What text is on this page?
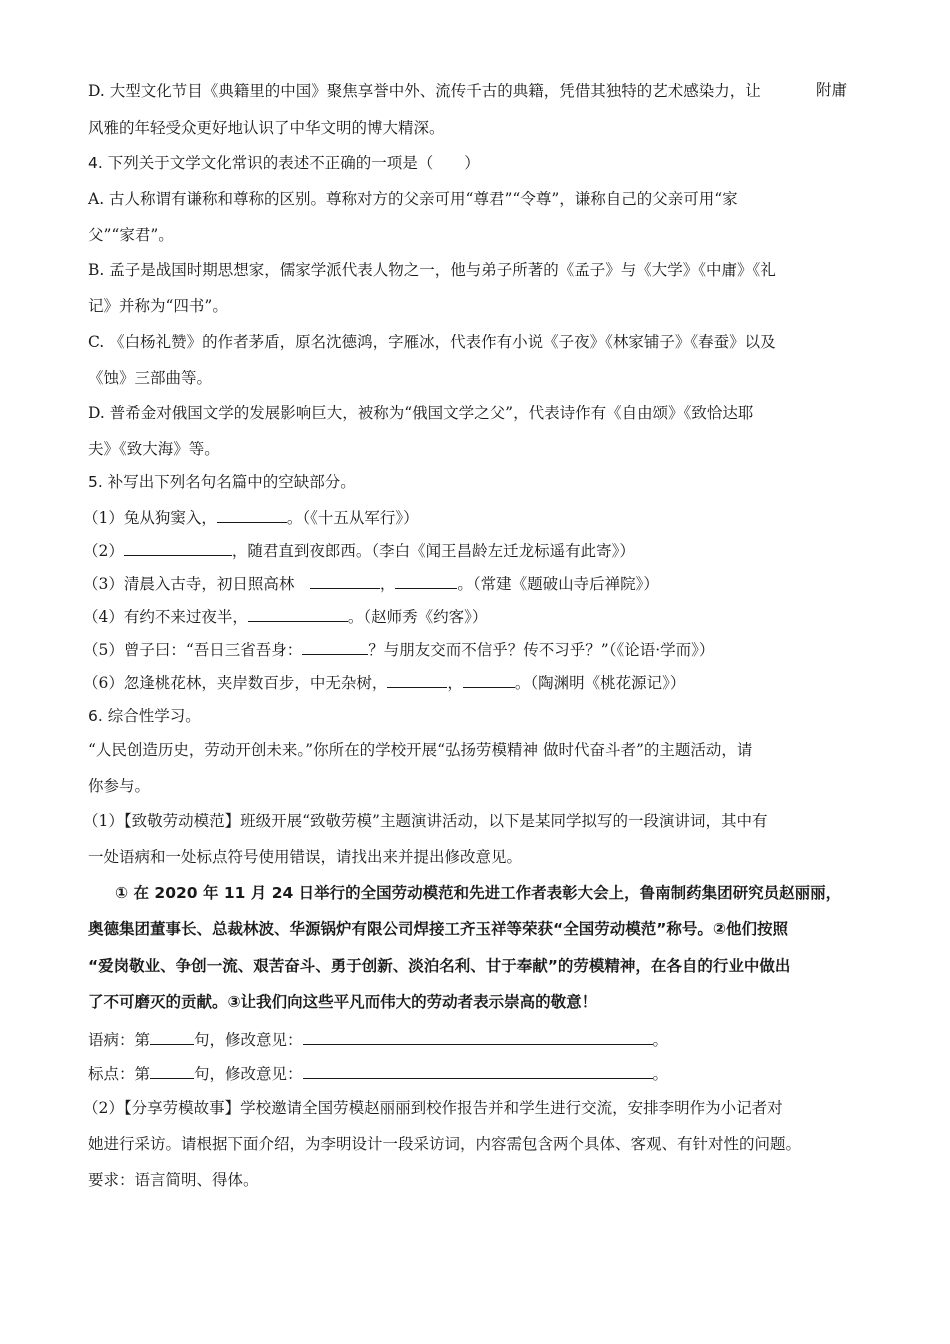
D. 大型文化节目《典籍里的中国》聚焦享誉中外、流传千古的典籍，凭借其独特的艺术感染力，让	附庸
风雅的年轻受众更好地认识了中华文明的博大精深。
4. 下列关于文学文化常识的表述不正确的一项是（　　）
A. 古人称谓有谦称和尊称的区别。尊称对方的父亲可用“尊君”“令尊”，谦称自己的父亲可用“家
父”“家君”。
B. 孟子是战国时期思想家，儒家学派代表人物之一，他与弟子所著的《孟子》与《大学》《中庸》《礼
记》并称为“四书”。
C. 《白杨礼赞》的作者茅盾，原名沈德鸿，字雁冰，代表作有小说《子夜》《林家铺子》《春蚕》以及
《蚀》三部曲等。
D. 普希金对俄国文学的发展影响巨大，被称为“俄国文学之父”，代表诗作有《自由颂》《致恰达耶
夫》《致大海》等。
5. 补写出下列名句名篇中的空缺部分。
（1）兔从狗窦入，	。（《十五从军行》）
（2）	，随君直到夜郎西。（李白《闻王昌龄左迁龙标遥有此寄》）
（3）清晨入古寺，初日照高林　	，	。（常建《题破山寺后禅院》）
（4）有约不来过夜半，	。（赵师秀《约客》）
（5）曾子曰：“吾日三省吾身：	？与朋友交而不信乎？传不习乎？”（《论语·学而》）
（6）忽逢桃花林，夹岸数百步，中无杂树，	，	。（陶渊明《桃花源记》）
6. 综合性学习。
“人民创造历史，劳动开创未来。”你所在的学校开展“弘扬劳模精神 做时代奋斗者”的主题活动，请
你参与。
（1）【致敬劳动模范】班级开展“致敬劳模”主题演讲活动，以下是某同学拟写的一段演讲词，其中有
一处语病和一处标点符号使用错误，请找出来并提出修改意见。
① 在 2020 年 11 月 24 日举行的全国劳动模范和先进工作者表彰大会上，鲁南制药集团研究员赵丽丽，
奥德集团董事长、总裁林波、华源锅炉有限公司焊接工齐玉祥等荣获“全国劳动模范”称号。②他们按照
“爱岗敬业、争创一流、艰苦奋斗、勇于创新、淡泊名利、甘于奉献”的劳模精神，在各自的行业中做出
了不可磨灭的贡献。③让我们向这些平凡而伟大的劳动者表示崇高的敬意！
语病：第	句，修改意见：	。
标点：第	句，修改意见：	。
（2）【分享劳模故事】学校邀请全国劳模赵丽丽到校作报告并和学生进行交流，安排李明作为小记者对
她进行采访。请根据下面介绍，为李明设计一段采访词，内容需包含两个具体、客观、有针对性的问题。
要求：语言简明、得体。
